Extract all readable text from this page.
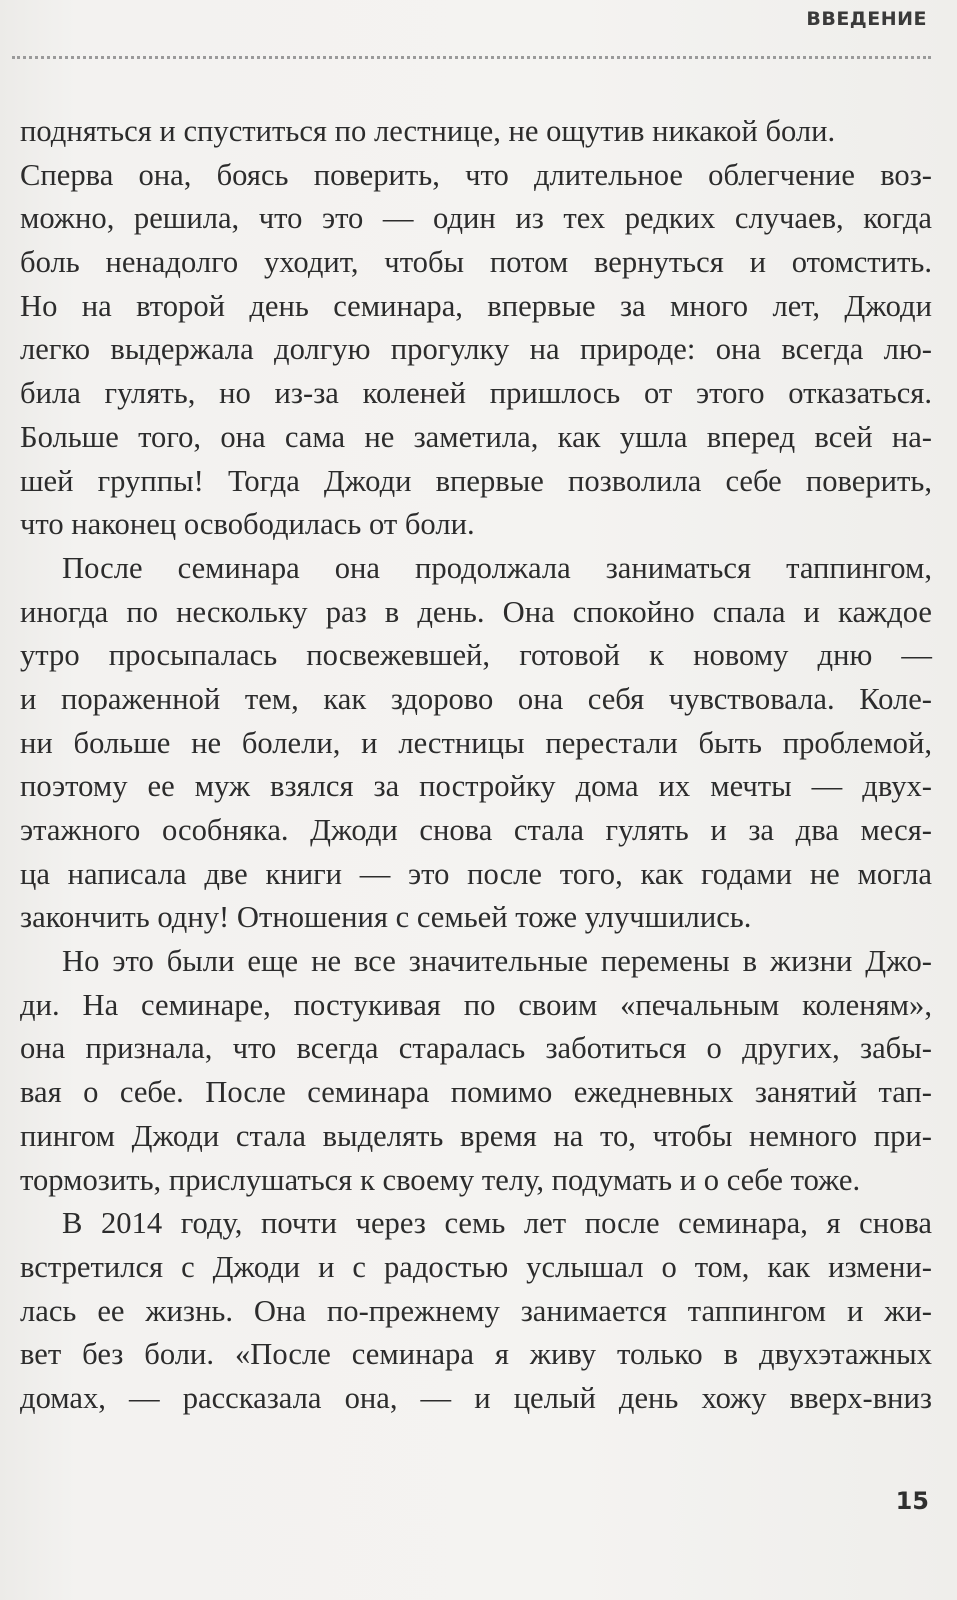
ВВЕДЕНИЕ
подняться и спуститься по лестнице, не ощутив никакой боли.
Сперва она, боясь поверить, что длительное облегчение воз-
можно, решила, что это — один из тех редких случаев, когда
боль ненадолго уходит, чтобы потом вернуться и отомстить.
Но на второй день семинара, впервые за много лет, Джоди
легко выдержала долгую прогулку на природе: она всегда лю-
била гулять, но из-за коленей пришлось от этого отказаться.
Больше того, она сама не заметила, как ушла вперед всей на-
шей группы! Тогда Джоди впервые позволила себе поверить,
что наконец освободилась от боли.
После семинара она продолжала заниматься таппингом,
иногда по нескольку раз в день. Она спокойно спала и каждое
утро просыпалась посвежевшей, готовой к новому дню —
и пораженной тем, как здорово она себя чувствовала. Коле-
ни больше не болели, и лестницы перестали быть проблемой,
поэтому ее муж взялся за постройку дома их мечты — двух-
этажного особняка. Джоди снова стала гулять и за два меся-
ца написала две книги — это после того, как годами не могла
закончить одну! Отношения с семьей тоже улучшились.
Но это были еще не все значительные перемены в жизни Джо-
ди. На семинаре, постукивая по своим «печальным коленям»,
она признала, что всегда старалась заботиться о других, забы-
вая о себе. После семинара помимо ежедневных занятий тап-
пингом Джоди стала выделять время на то, чтобы немного при-
тормозить, прислушаться к своему телу, подумать и о себе тоже.
В 2014 году, почти через семь лет после семинара, я снова
встретился с Джоди и с радостью услышал о том, как измени-
лась ее жизнь. Она по-прежнему занимается таппингом и жи-
вет без боли. «После семинара я живу только в двухэтажных
домах, — рассказала она, — и целый день хожу вверх-вниз
15
